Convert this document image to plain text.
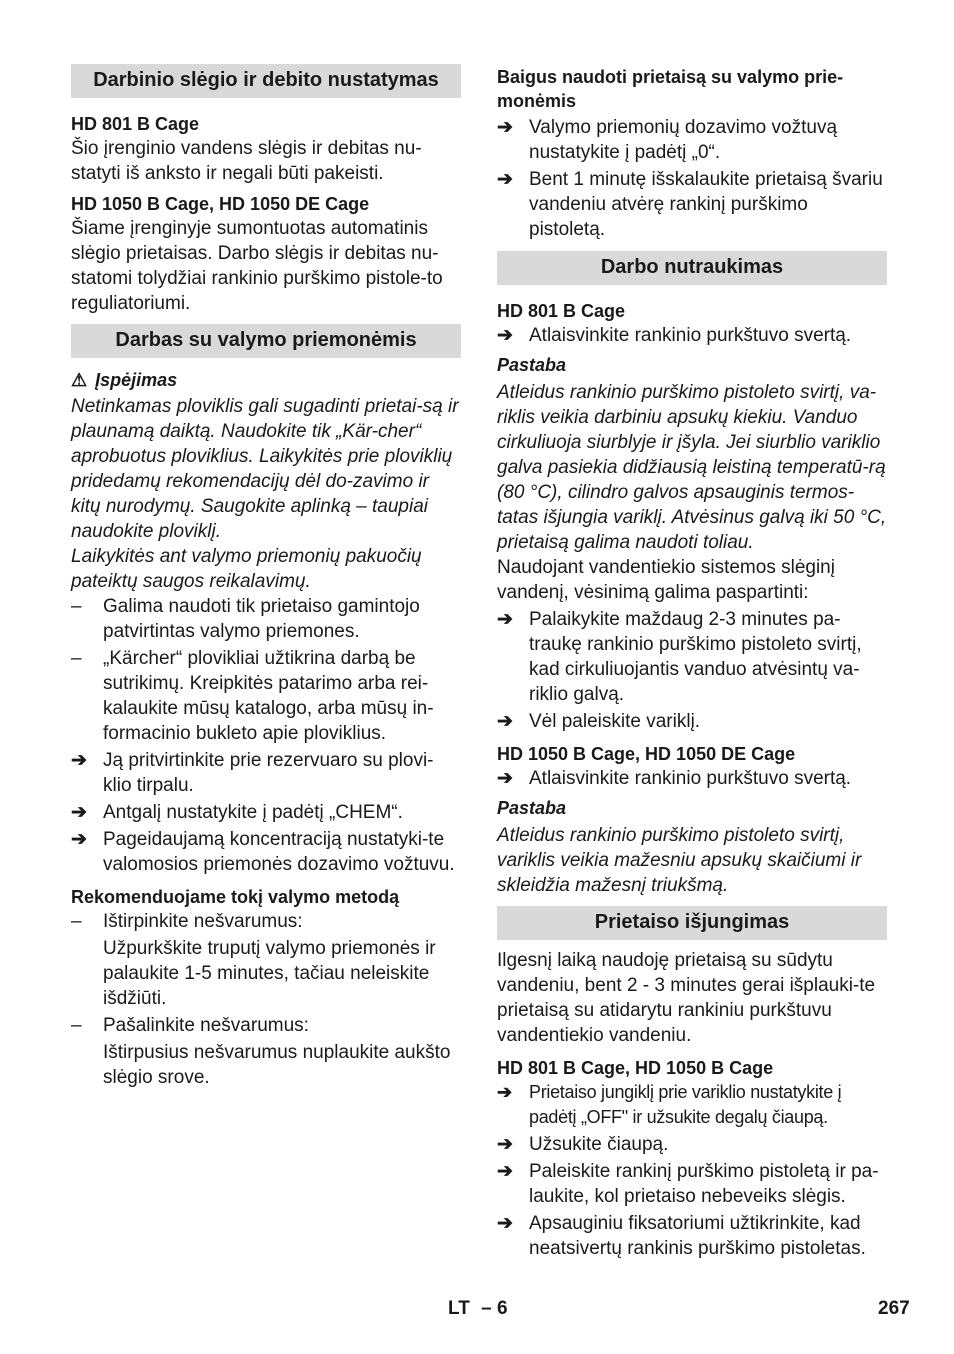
Darbinio slėgio ir debito nustatymas
HD 801 B Cage
Šio įrenginio vandens slėgis ir debitas nu-statyti iš anksto ir negali būti pakeisti.
HD 1050 B Cage, HD 1050 DE Cage
Šiame įrenginyje sumontuotas automatinis slėgio prietaisas. Darbo slėgis ir debitas nu-statomi tolydžiai rankinio purškimo pistole-to reguliatoriumi.
Darbas su valymo priemonėmis
⚠ Įspėjimas
Netinkamas ploviklis gali sugadinti prietai-są ir plaunamą daiktą. Naudokite tik „Kär-cher“ aprobuotus ploviklius. Laikykitės prie ploviklių pridedamų rekomendacijų dėl do-zavimo ir kitų nurodymų. Saugokite aplinką – taupiai naudokite ploviklį.
Laikykitės ant valymo priemonių pakuočių pateiktų saugos reikalavimų.
–	Galima naudoti tik prietaiso gamintojo patvirtintas valymo priemones.
–	„Kärcher“ plovikliai užtikrina darbą be sutrikimų. Kreipkitės patarimo arba rei-kalaukite mūsų katalogo, arba mūsų in-formacinio bukleto apie ploviklius.
➔ Ją pritvirtinkite prie rezervuaro su plovi-klio tirpalu.
➔ Antgalį nustatykite į padėtį „CHEM“.
➔ Pageidaujamą koncentraciją nustatyki-te valomosios priemonės dozavimo vožtuvu.
Rekomenduojame tokį valymo metodą
–	Ištirpinkite nešvarumus:
Užpurkškite truputį valymo priemonės ir palaukite 1-5 minutes, tačiau neleiskite išdžiūti.
–	Pašalinkite nešvarumus:
Ištirpusius nešvarumus nuplaukite aukšto slėgio srove.
Baigus naudoti prietaisą su valymo prie-monėmis
➔ Valymo priemonių dozavimo vožtuvą nustatykite į padėtį „0“.
➔ Bent 1 minutę išskalaukite prietaisą švariu vandeniu atvėrę rankinį purškimo pistoletą.
Darbo nutraukimas
HD 801 B Cage
➔ Atlaisvinkite rankinio purkštuvo svertą.
Pastaba
Atleidus rankinio purškimo pistoleto svirtį, va-riklis veikia darbiniu apsukų kiekiu. Vanduo cirkuliuoja siurblyje ir įšyla. Jei siurblio variklio galva pasiekia didžiausią leistiną temperatū-rą (80 °C), cilindro galvos apsauginis termos-tatas išjungia variklį. Atvėsinus galvą iki 50 °C, prietaisą galima naudoti toliau.
Naudojant vandentiekio sistemos slėginį vandenį, vėsinimą galima paspartinti:
➔ Palaikykite maždaug 2-3 minutes pa-traukę rankinio purškimo pistoleto svirtį, kad cirkuliuojantis vanduo atvėsintų va-riklio galvą.
➔ Vėl paleiskite variklį.
HD 1050 B Cage, HD 1050 DE Cage
➔ Atlaisvinkite rankinio purkštuvo svertą.
Pastaba
Atleidus rankinio purškimo pistoleto svirtį, variklis veikia mažesniu apsukų skaičiumi ir skleidžia mažesnį triukšmą.
Prietaiso išjungimas
Ilgesnį laiką naudoję prietaisą su sūdytu vandeniu, bent 2 - 3 minutes gerai išplauki-te prietaisą su atidarytu rankiniu purkštuvu vandentiekio vandeniu.
HD 801 B Cage, HD 1050 B Cage
➔ Prietaiso jungiklį prie variklio nustatykite į padėtį „OFF" ir užsukite degalų čiaupą.
➔ Užsukite čiaupą.
➔ Paleiskite rankinį purškimo pistoletą ir pa-laukite, kol prietaiso nebeveiks slėgis.
➔ Apsauginiu fiksatoriumi užtikrinkite, kad neatsivertų rankinis purškimo pistoletas.
LT – 6	267
